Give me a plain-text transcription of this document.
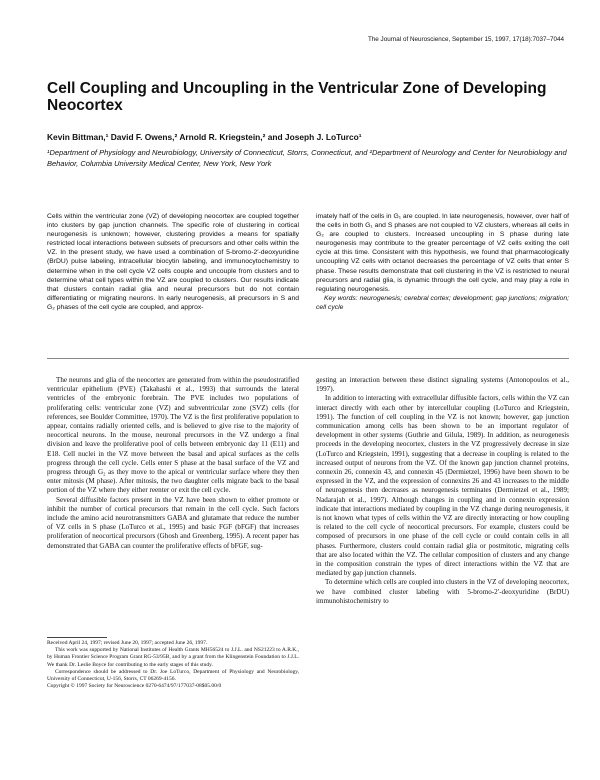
The Journal of Neuroscience, September 15, 1997, 17(18):7037–7044
Cell Coupling and Uncoupling in the Ventricular Zone of Developing Neocortex
Kevin Bittman,¹ David F. Owens,² Arnold R. Kriegstein,² and Joseph J. LoTurco¹

¹Department of Physiology and Neurobiology, University of Connecticut, Storrs, Connecticut, and ²Department of Neurology and Center for Neurobiology and Behavior, Columbia University Medical Center, New York, New York

Cells within the ventricular zone (VZ) of developing neocortex are coupled together into clusters by gap junction channels. The specific role of clustering in cortical neurogenesis is unknown; however, clustering provides a means for spatially restricted local interactions between subsets of precursors and other cells within the VZ. In the present study, we have used a combination of 5-bromo-2′-deoxyuridine (BrDU) pulse labeling, intracellular biocytin labeling, and immunocytochemistry to determine when in the cell cycle VZ cells couple and uncouple from clusters and to determine what cell types within the VZ are coupled to clusters. Our results indicate that clusters contain radial glia and neural precursors but do not contain differentiating or migrating neurons. In early neurogenesis, all precursors in S and G₂ phases of the cell cycle are coupled, and approx-

imately half of the cells in G₁ are coupled. In late neurogenesis, however, over half of the cells in both G₁ and S phases are not coupled to VZ clusters, whereas all cells in G₂ are coupled to clusters. Increased uncoupling in S phase during late neurogenesis may contribute to the greater percentage of VZ cells exiting the cell cycle at this time. Consistent with this hypothesis, we found that pharmacologically uncoupling VZ cells with octanol decreases the percentage of VZ cells that enter S phase. These results demonstrate that cell clustering in the VZ is restricted to neural precursors and radial glia, is dynamic through the cell cycle, and may play a role in regulating neurogenesis.
Key words: neurogenesis; cerebral cortex; development; gap junctions; migration; cell cycle

The neurons and glia of the neocortex are generated from within the pseudostratified ventricular epithelium (PVE) (Takahashi et al., 1993) that surrounds the lateral ventricles of the embryonic forebrain. The PVE includes two populations of proliferating cells: ventricular zone (VZ) and subventricular zone (SVZ) cells (for references, see Boulder Committee, 1970). The VZ is the first proliferative population to appear, contains radially oriented cells, and is believed to give rise to the majority of neocortical neurons. In the mouse, neuronal precursors in the VZ undergo a final division and leave the proliferative pool of cells between embryonic day 11 (E11) and E18. Cell nuclei in the VZ move between the basal and apical surfaces as the cells progress through the cell cycle. Cells enter S phase at the basal surface of the VZ and progress through G₂ as they move to the apical or ventricular surface where they then enter mitosis (M phase). After mitosis, the two daughter cells migrate back to the basal portion of the VZ where they either reenter or exit the cell cycle.

Several diffusible factors present in the VZ have been shown to either promote or inhibit the number of cortical precursors that remain in the cell cycle. Such factors include the amino acid neurotransmitters GABA and glutamate that reduce the number of VZ cells in S phase (LoTurco et al., 1995) and basic FGF (bFGF) that increases proliferation of neocortical precursors (Ghosh and Greenberg, 1995). A recent paper has demonstrated that GABA can counter the proliferative effects of bFGF, sug-

gesting an interaction between these distinct signaling systems (Antonopoulos et al., 1997).

In addition to interacting with extracellular diffusible factors, cells within the VZ can interact directly with each other by intercellular coupling (LoTurco and Kriegstein, 1991). The function of cell coupling in the VZ is not known; however, gap junction communication among cells has been shown to be an important regulator of development in other systems (Guthrie and Gilula, 1989). In addition, as neurogenesis proceeds in the developing neocortex, clusters in the VZ progressively decrease in size (LoTurco and Kriegstein, 1991), suggesting that a decrease in coupling is related to the increased output of neurons from the VZ. Of the known gap junction channel proteins, connexin 26, connexin 43, and connexin 45 (Dermietzel, 1996) have been shown to be expressed in the VZ, and the expression of connexins 26 and 43 increases to the middle of neurogenesis then decreases as neurogenesis terminates (Dermietzel et al., 1989; Nadarajah et al., 1997). Although changes in coupling and in connexin expression indicate that interactions mediated by coupling in the VZ change during neurogenesis, it is not known what types of cells within the VZ are directly interacting or how coupling is related to the cell cycle of neocortical precursors. For example, clusters could be composed of precursors in one phase of the cell cycle or could contain cells in all phases. Furthermore, clusters could contain radial glia or postmitotic, migrating cells that are also located within the VZ. The cellular composition of clusters and any change in the composition constrain the types of direct interactions within the VZ that are mediated by gap junction channels.

To determine which cells are coupled into clusters in the VZ of developing neocortex, we have combined cluster labeling with 5-bromo-2′-deoxyuridine (BrDU) immunohistochemistry to

Received April 24, 1997; revised June 20, 1997; accepted June 26, 1997.

This work was supported by National Institutes of Health Grants MH56524 to J.J.L. and NS21223 to A.R.K., by Human Frontier Science Program Grant RG-53/95B, and by a grant from the Klingenstein Foundation to J.J.L. We thank Dr. Leslie Boyce for contributing to the early stages of this study.

Correspondence should be addressed to Dr. Joe LoTurco, Department of Physiology and Neurobiology, University of Connecticut, U-156, Storrs, CT 06269-4156.

Copyright © 1997 Society for Neuroscience 0270-6474/97/177037-08$05.00/0
